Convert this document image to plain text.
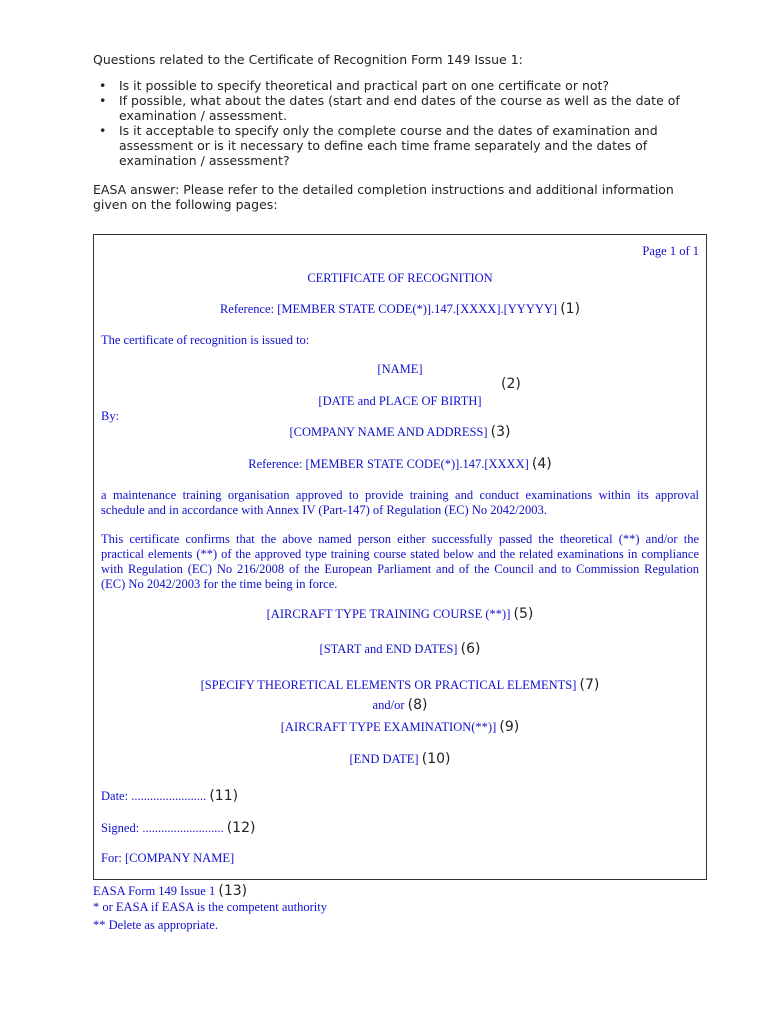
Questions related to the Certificate of Recognition Form 149 Issue 1:

• Is it possible to specify theoretical and practical part on one certificate or not?
• If possible, what about the dates (start and end dates of the course as well as the date of examination / assessment.
• Is it acceptable to specify only the complete course and the dates of examination and assessment or is it necessary to define each time frame separately and the dates of examination / assessment?

EASA answer: Please refer to the detailed completion instructions and additional information given on the following pages:

Page 1 of 1
CERTIFICATE OF RECOGNITION
Reference: [MEMBER STATE CODE(*)].147.[XXXX].[YYYYY] (1)
The certificate of recognition is issued to:
[NAME]
(2)
[DATE and PLACE OF BIRTH]
By:
[COMPANY NAME AND ADDRESS] (3)
Reference: [MEMBER STATE CODE(*)].147.[XXXX] (4)

a maintenance training organisation approved to provide training and conduct examinations within its approval schedule and in accordance with Annex IV (Part-147) of Regulation (EC) No 2042/2003.

This certificate confirms that the above named person either successfully passed the theoretical (**) and/or the practical elements (**) of the approved type training course stated below and the related examinations in compliance with Regulation (EC) No 216/2008 of the European Parliament and of the Council and to Commission Regulation (EC) No 2042/2003 for the time being in force.

[AIRCRAFT TYPE TRAINING COURSE (**)] (5)
[START and END DATES] (6)
[SPECIFY THEORETICAL ELEMENTS OR PRACTICAL ELEMENTS] (7)
and/or (8)
[AIRCRAFT TYPE EXAMINATION(**)] (9)
[END DATE] (10)
Date: ........................ (11)
Signed: .......................... (12)
For: [COMPANY NAME]
EASA Form 149 Issue 1 (13)
* or EASA if EASA is the competent authority
** Delete as appropriate.
